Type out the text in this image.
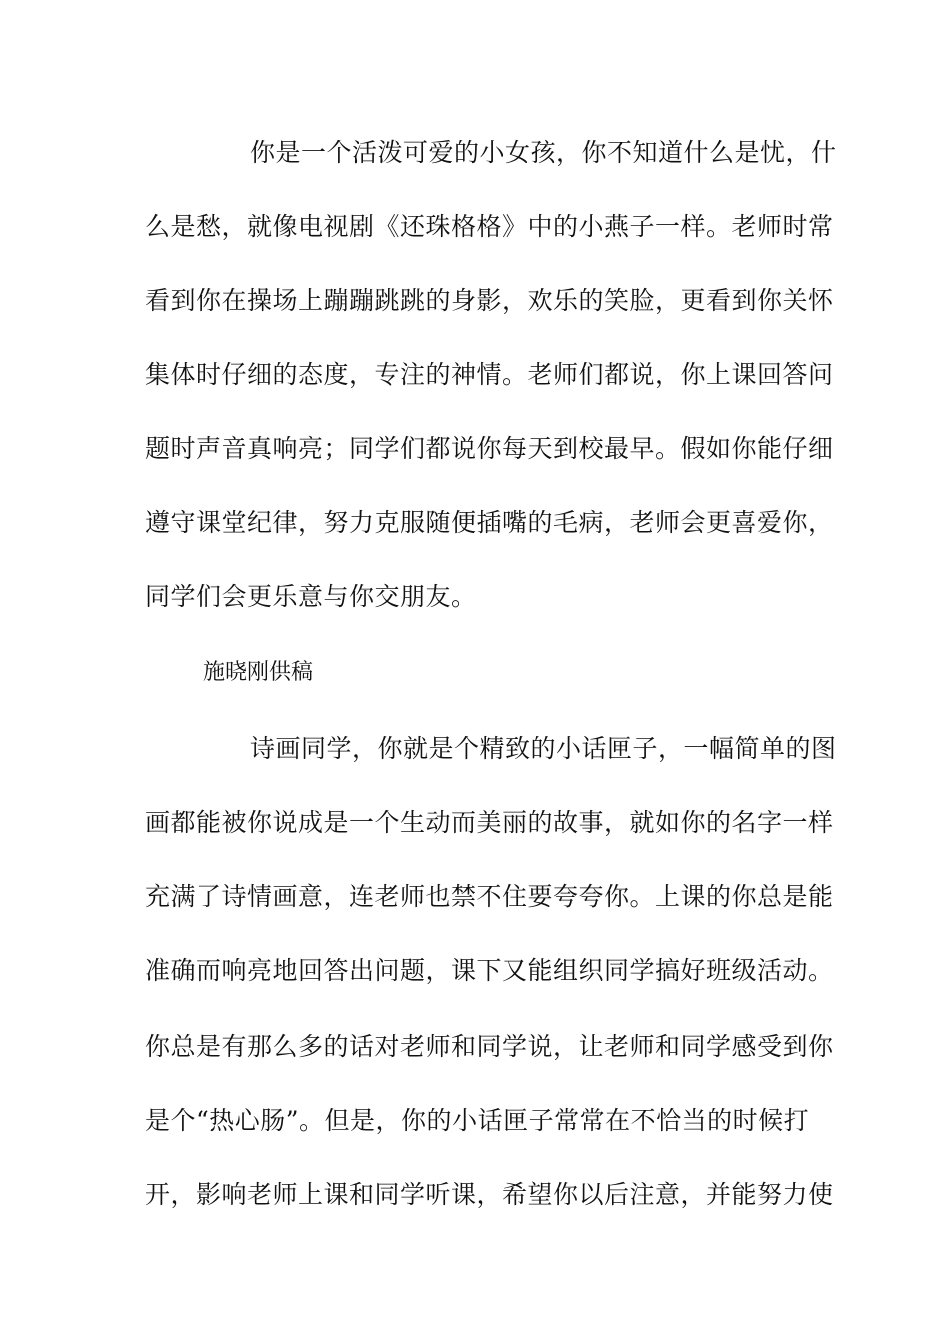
你是一个活泼可爱的小女孩，你不知道什么是忧，什
么是愁，就像电视剧《还珠格格》中的小燕子一样。老师时常
看到你在操场上蹦蹦跳跳的身影，欢乐的笑脸，更看到你关怀
集体时仔细的态度，专注的神情。老师们都说，你上课回答问
题时声音真响亮；同学们都说你每天到校最早。假如你能仔细
遵守课堂纪律，努力克服随便插嘴的毛病，老师会更喜爱你，
同学们会更乐意与你交朋友。
施晓刚供稿
诗画同学，你就是个精致的小话匣子，一幅简单的图
画都能被你说成是一个生动而美丽的故事，就如你的名字一样
充满了诗情画意，连老师也禁不住要夸夸你。上课的你总是能
准确而响亮地回答出问题，课下又能组织同学搞好班级活动。
你总是有那么多的话对老师和同学说，让老师和同学感受到你
是个“热心肠”。但是，你的小话匣子常常在不恰当的时候打
开，影响老师上课和同学听课，希望你以后注意，并能努力使
